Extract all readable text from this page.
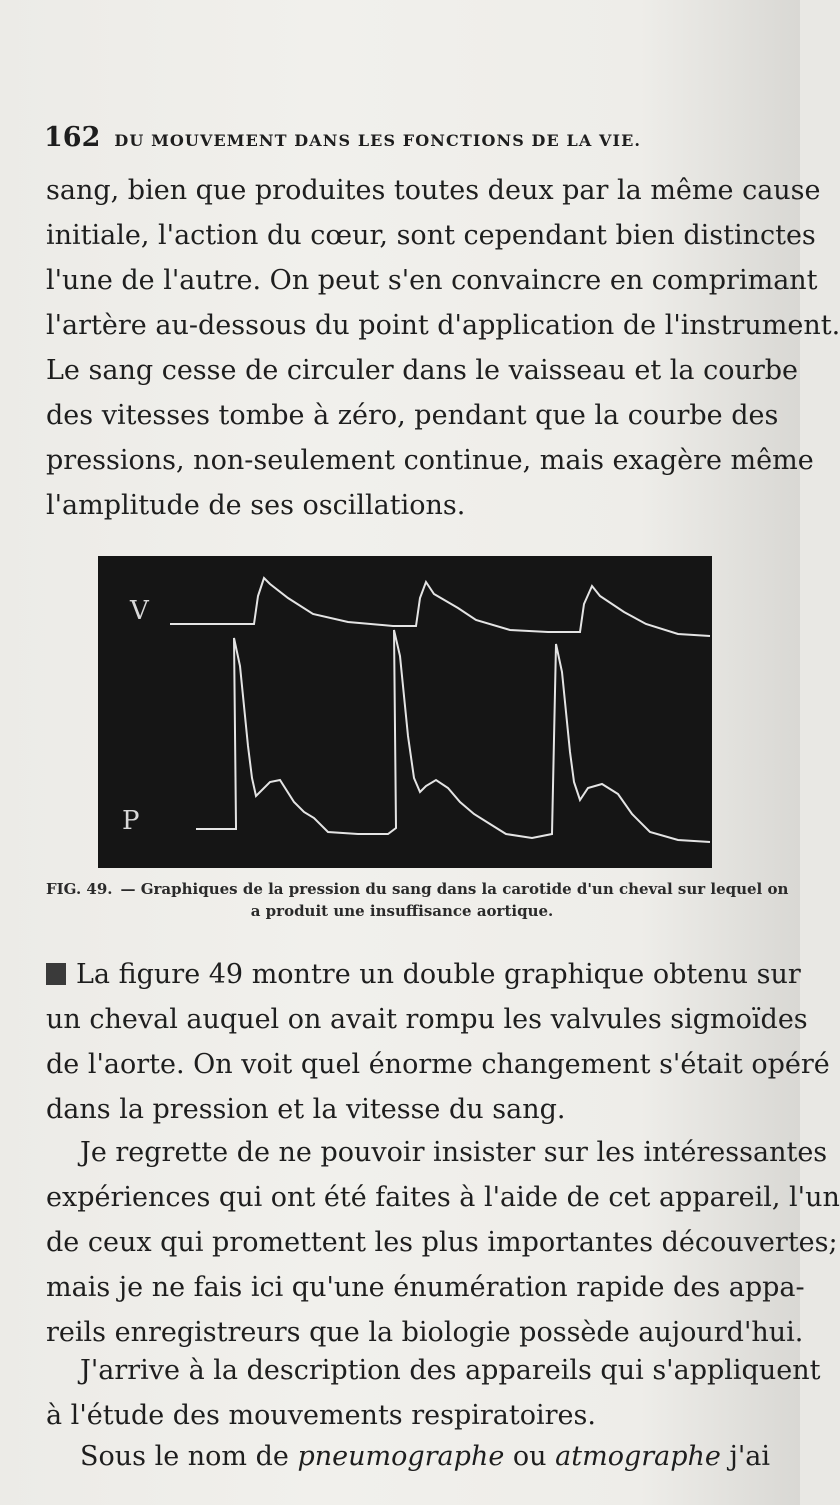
162 DU MOUVEMENT DANS LES FONCTIONS DE LA VIE.
sang, bien que produites toutes deux par la même cause
initiale, l'action du cœur, sont cependant bien distinctes
l'une de l'autre. On peut s'en convaincre en comprimant
l'artère au-dessous du point d'application de l'instrument.
Le sang cesse de circuler dans le vaisseau et la courbe
des vitesses tombe à zéro, pendant que la courbe des
pressions, non-seulement continue, mais exagère même
l'amplitude de ses oscillations.
V
P
FIG. 49. — Graphiques de la pression du sang dans la carotide d'un cheval sur lequel on
a produit une insuffisance aortique.
La figure 49 montre un double graphique obtenu sur
un cheval auquel on avait rompu les valvules sigmoïdes
de l'aorte. On voit quel énorme changement s'était opéré
dans la pression et la vitesse du sang.
Je regrette de ne pouvoir insister sur les intéressantes
expériences qui ont été faites à l'aide de cet appareil, l'un
de ceux qui promettent les plus importantes découvertes;
mais je ne fais ici qu'une énumération rapide des appa-
reils enregistreurs que la biologie possède aujourd'hui.
J'arrive à la description des appareils qui s'appliquent
à l'étude des mouvements respiratoires.
Sous le nom de pneumographe ou atmographe j'ai
